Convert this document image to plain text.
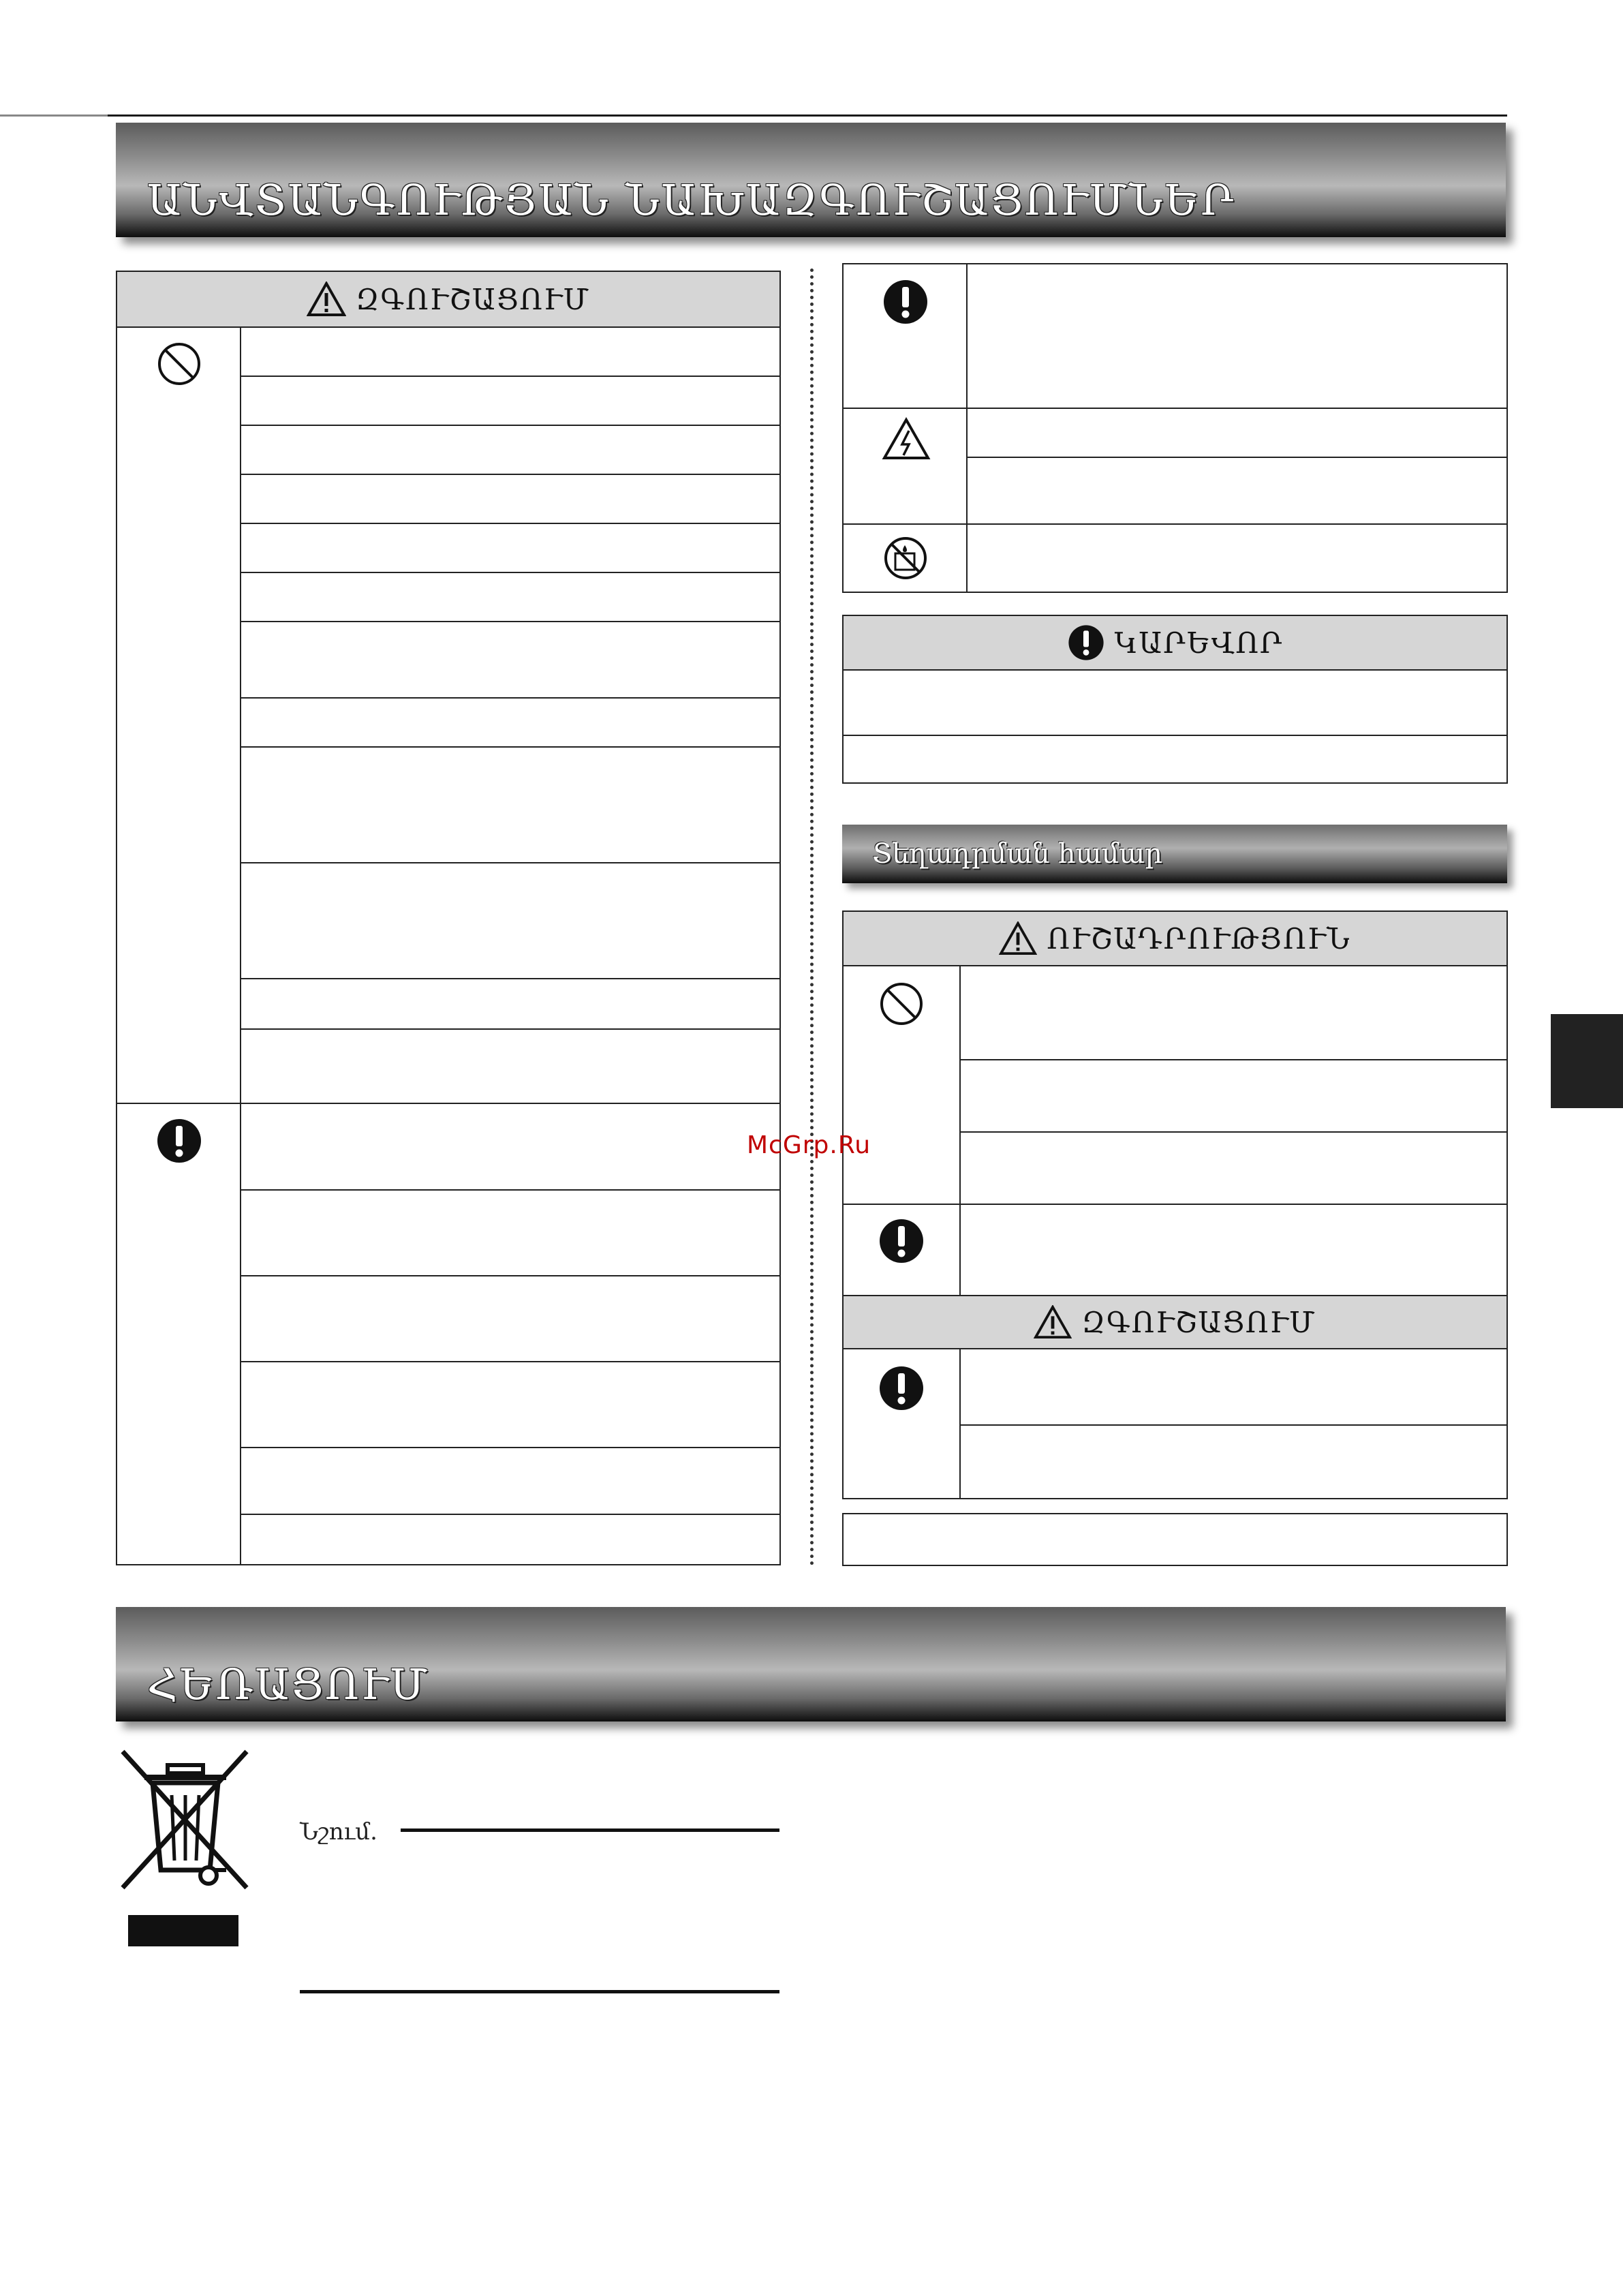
ԱՆՎՏԱՆԳՈՒԹՅԱՆ ՆԱԽԱԶԳՈՒՇԱՑՈՒՄՆԵՐ
ԶԳՈՒՇԱՑՈՒՄ
ԿԱՐԵՎՈՐ
Տեղադրման համար
ՈՒՇԱԴՐՈՒԹՅՈՒՆ
ԶԳՈՒՇԱՑՈՒՄ
McGrp.Ru
ՀԵՌԱՑՈՒՄ
Նշում.
